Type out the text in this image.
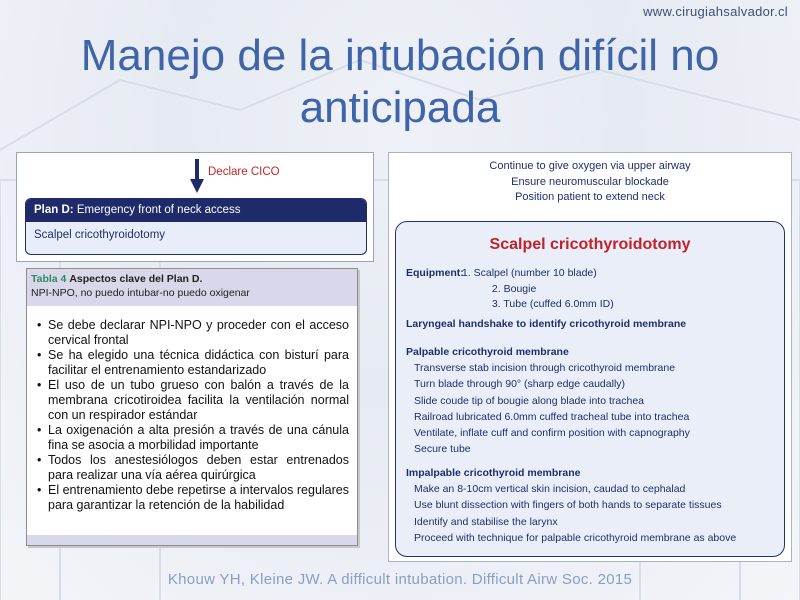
www.cirugiahsalvador.cl
Manejo de la intubación difícil no
anticipada
Declare CICO
Plan D: Emergency front of neck access
Scalpel cricothyroidotomy
Tabla 4 Aspectos clave del Plan D.
NPI-NPO, no puedo intubar-no puedo oxigenar
• Se debe declarar NPI-NPO y proceder con el acceso cervical frontal
• Se ha elegido una técnica didáctica con bisturí para facilitar el entrenamiento estandarizado
• El uso de un tubo grueso con balón a través de la membrana cricotiroidea facilita la ventilación normal con un respirador estándar
• La oxigenación a alta presión a través de una cánula fina se asocia a morbilidad importante
• Todos los anestesiólogos deben estar entrenados para realizar una vía aérea quirúrgica
• El entrenamiento debe repetirse a intervalos regulares para garantizar la retención de la habilidad
Continue to give oxygen via upper airway
Ensure neuromuscular blockade
Position patient to extend neck
Scalpel cricothyroidotomy
Equipment:
1. Scalpel (number 10 blade)
2. Bougie
3. Tube (cuffed 6.0mm ID)
Laryngeal handshake to identify cricothyroid membrane
Palpable cricothyroid membrane
Transverse stab incision through cricothyroid membrane
Turn blade through 90° (sharp edge caudally)
Slide coude tip of bougie along blade into trachea
Railroad lubricated 6.0mm cuffed tracheal tube into trachea
Ventilate, inflate cuff and confirm position with capnography
Secure tube
Impalpable cricothyroid membrane
Make an 8-10cm vertical skin incision, caudad to cephalad
Use blunt dissection with fingers of both hands to separate tissues
Identify and stabilise the larynx
Proceed with technique for palpable cricothyroid membrane as above
Khouw YH, Kleine JW. A difficult intubation. Difficult Airw Soc. 2015
